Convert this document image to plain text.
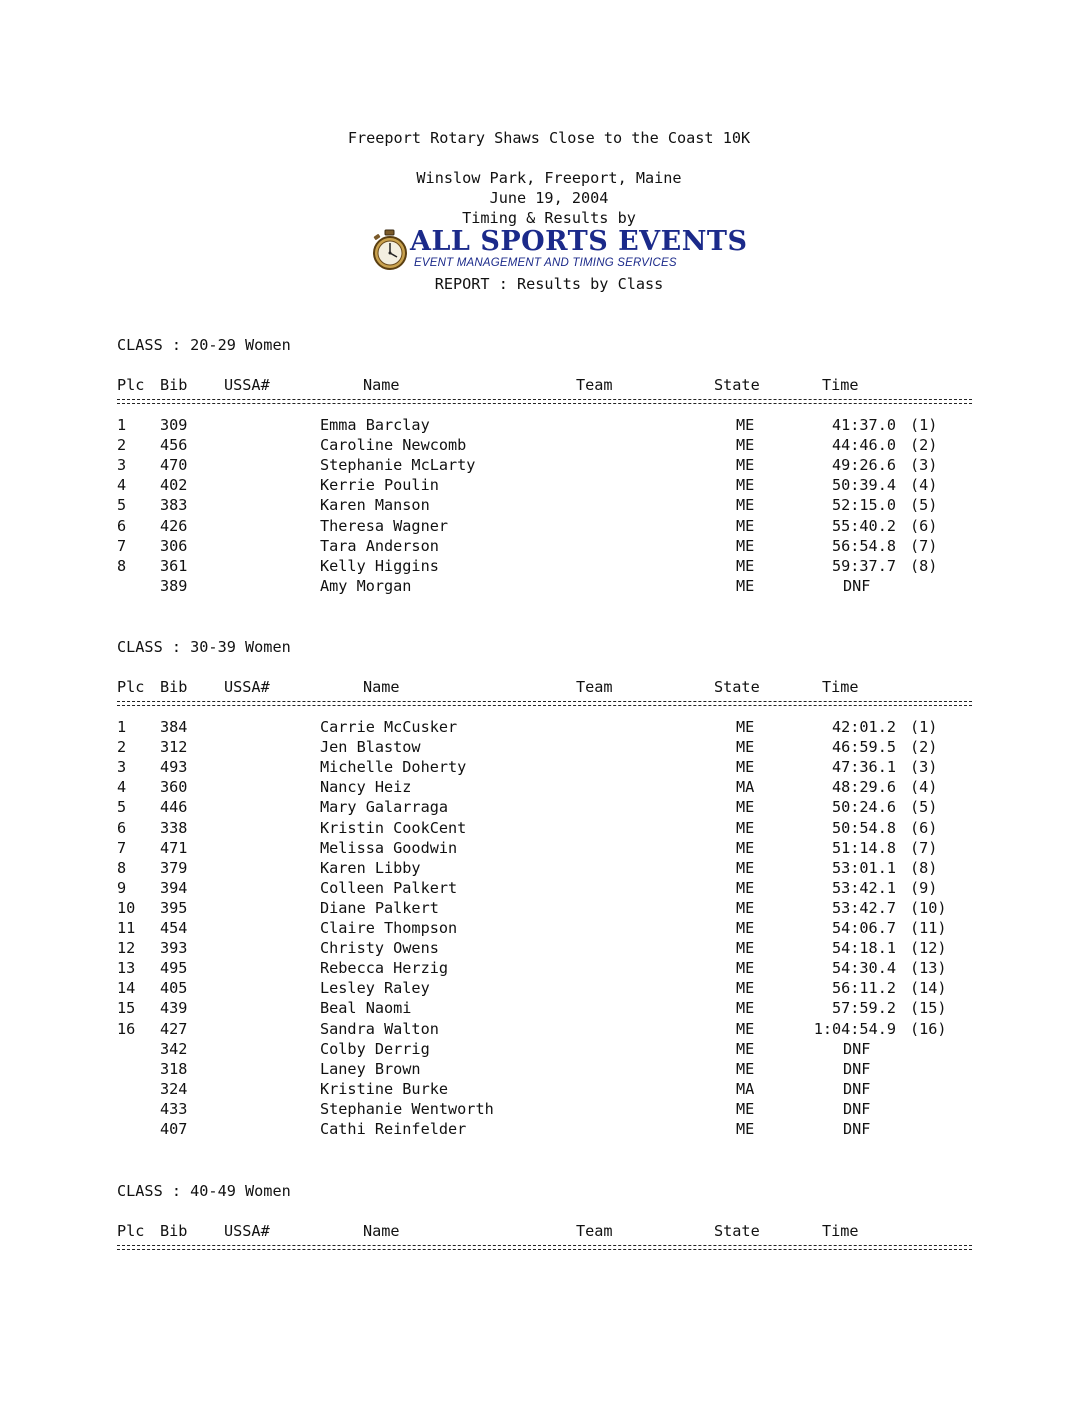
Freeport Rotary Shaws Close to the Coast 10K
Winslow Park, Freeport, Maine
June 19, 2004
Timing & Results by
ALL SPORTS EVENTS
EVENT MANAGEMENT AND TIMING SERVICES
REPORT : Results by Class
CLASS : 20-29 Women
Plc Bib USSA#	Name	Team	State	Time
1 309	Emma Barclay	ME	41:37.0 (1)
2 456	Caroline Newcomb	ME	44:46.0 (2)
3 470	Stephanie McLarty	ME	49:26.6 (3)
4 402	Kerrie Poulin	ME	50:39.4 (4)
5 383	Karen Manson	ME	52:15.0 (5)
6 426	Theresa Wagner	ME	55:40.2 (6)
7 306	Tara Anderson	ME	56:54.8 (7)
8 361	Kelly Higgins	ME	59:37.7 (8)
389	Amy Morgan	ME	DNF
CLASS : 30-39 Women
Plc Bib USSA#	Name	Team	State	Time
1 384	Carrie McCusker	ME	42:01.2 (1)
2 312	Jen Blastow	ME	46:59.5 (2)
3 493	Michelle Doherty	ME	47:36.1 (3)
4 360	Nancy Heiz	MA	48:29.6 (4)
5 446	Mary Galarraga	ME	50:24.6 (5)
6 338	Kristin CookCent	ME	50:54.8 (6)
7 471	Melissa Goodwin	ME	51:14.8 (7)
8 379	Karen Libby	ME	53:01.1 (8)
9 394	Colleen Palkert	ME	53:42.1 (9)
10 395	Diane Palkert	ME	53:42.7 (10)
11 454	Claire Thompson	ME	54:06.7 (11)
12 393	Christy Owens	ME	54:18.1 (12)
13 495	Rebecca Herzig	ME	54:30.4 (13)
14 405	Lesley Raley	ME	56:11.2 (14)
15 439	Beal Naomi	ME	57:59.2 (15)
16 427	Sandra Walton	ME	1:04:54.9 (16)
342	Colby Derrig	ME	DNF
318	Laney Brown	ME	DNF
324	Kristine Burke	MA	DNF
433	Stephanie Wentworth	ME	DNF
407	Cathi Reinfelder	ME	DNF
CLASS : 40-49 Women
Plc Bib USSA#	Name	Team	State	Time
